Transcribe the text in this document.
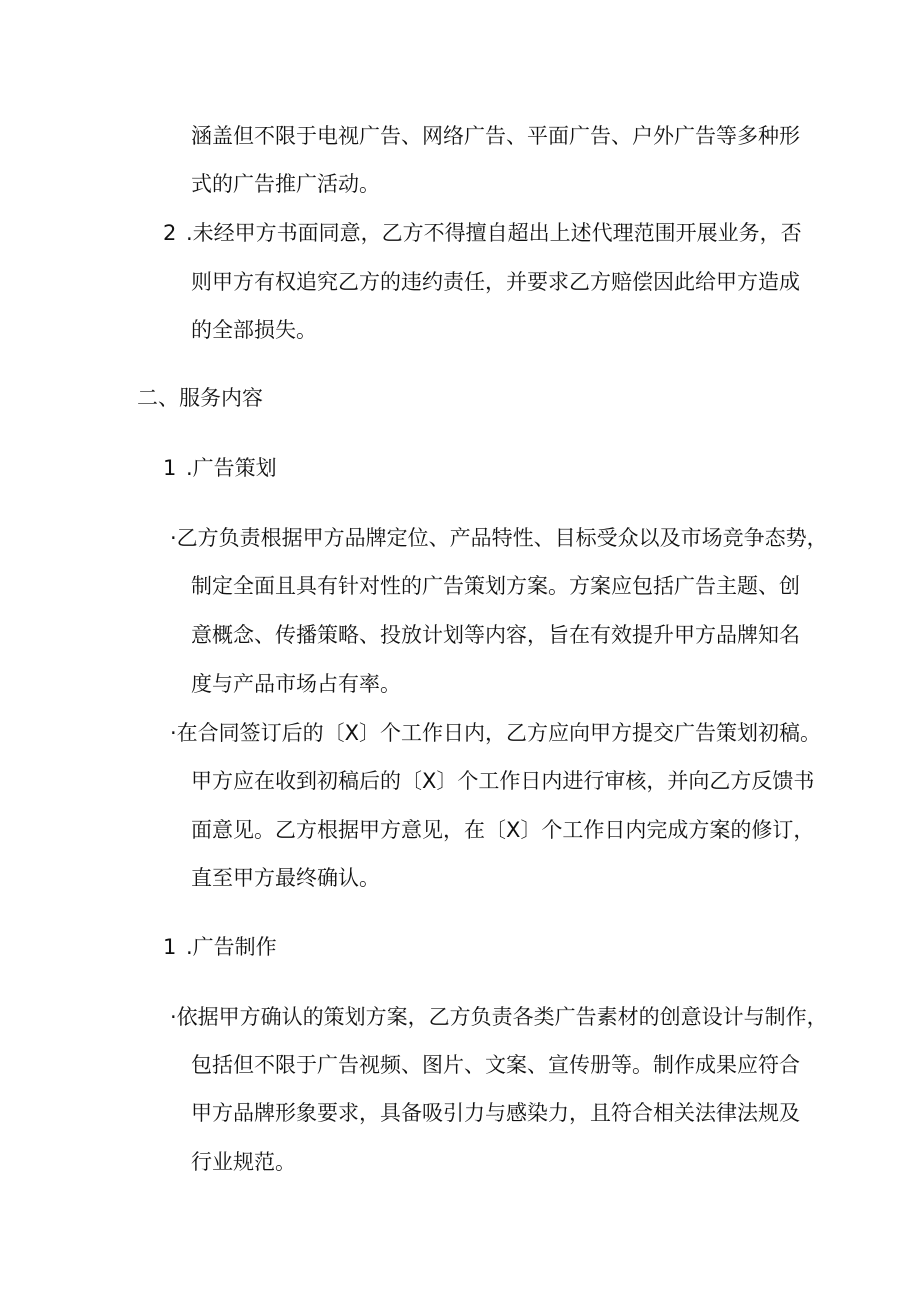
涵盖但不限于电视广告、网络广告、平面广告、户外广告等多种形
式的广告推广活动。
2 .未经甲方书面同意，乙方不得擅自超出上述代理范围开展业务，否
则甲方有权追究乙方的违约责任，并要求乙方赔偿因此给甲方造成
的全部损失。
二、服务内容
1 .广告策划
·乙方负责根据甲方品牌定位、产品特性、目标受众以及市场竞争态势，
制定全面且具有针对性的广告策划方案。方案应包括广告主题、创
意概念、传播策略、投放计划等内容，旨在有效提升甲方品牌知名
度与产品市场占有率。
·在合同签订后的〔X〕个工作日内，乙方应向甲方提交广告策划初稿。
甲方应在收到初稿后的〔X〕个工作日内进行审核，并向乙方反馈书
面意见。乙方根据甲方意见，在〔X〕个工作日内完成方案的修订，
直至甲方最终确认。
1 .广告制作
·依据甲方确认的策划方案，乙方负责各类广告素材的创意设计与制作，
包括但不限于广告视频、图片、文案、宣传册等。制作成果应符合
甲方品牌形象要求，具备吸引力与感染力，且符合相关法律法规及
行业规范。
